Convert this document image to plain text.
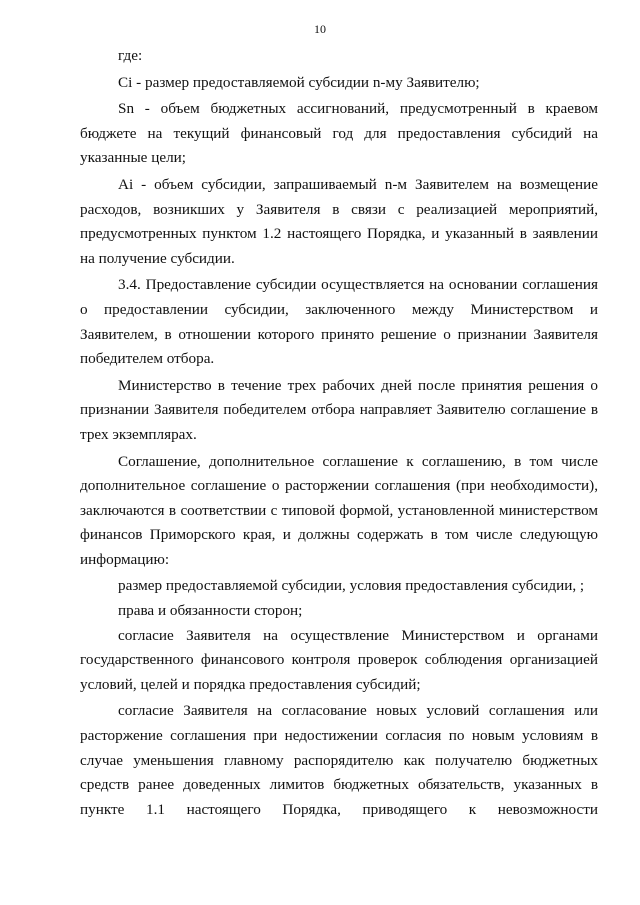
10

где:

Ci - размер предоставляемой субсидии n-му Заявителю;

Sn - объем бюджетных ассигнований, предусмотренный в краевом бюджете на текущий финансовый год для предоставления субсидий на указанные цели;

Ai - объем субсидии, запрашиваемый n-м Заявителем на возмещение расходов, возникших у Заявителя в связи с реализацией мероприятий, предусмотренных пунктом 1.2 настоящего Порядка, и указанный в заявлении на получение субсидии.

3.4. Предоставление субсидии осуществляется на основании соглашения о предоставлении субсидии, заключенного между Министерством и Заявителем, в отношении которого принято решение о признании Заявителя победителем отбора.

Министерство в течение трех рабочих дней после принятия решения о признании Заявителя победителем отбора направляет Заявителю соглашение в трех экземплярах.

Соглашение, дополнительное соглашение к соглашению, в том числе дополнительное соглашение о расторжении соглашения (при необходимости), заключаются в соответствии с типовой формой, установленной министерством финансов Приморского края, и должны содержать в том числе следующую информацию:

размер предоставляемой субсидии, условия предоставления субсидии, ;

права и обязанности сторон;

согласие Заявителя на осуществление Министерством и органами государственного финансового контроля проверок соблюдения организацией условий, целей и порядка предоставления субсидий;

согласие Заявителя на согласование новых условий соглашения или расторжение соглашения при недостижении согласия по новым условиям в случае уменьшения главному распорядителю как получателю бюджетных средств ранее доведенных лимитов бюджетных обязательств, указанных в пункте 1.1 настоящего Порядка, приводящего к невозможности
